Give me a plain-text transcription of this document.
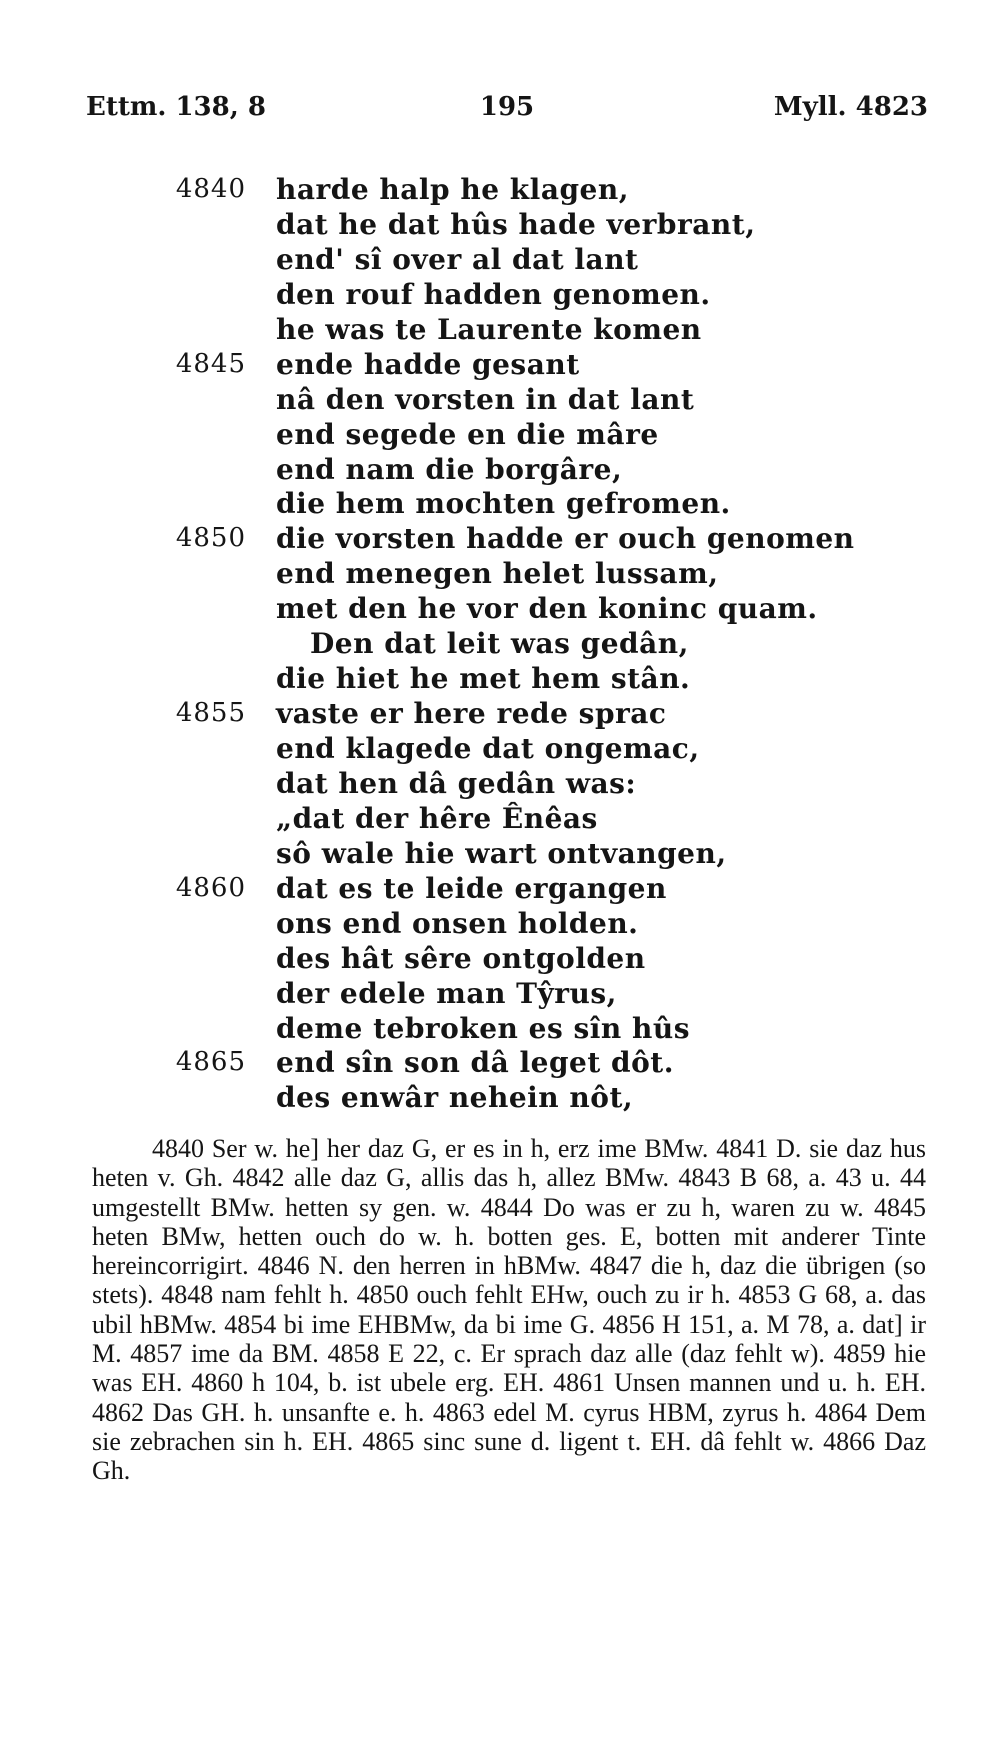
Ettm. 138, 8	195	Myll. 4823
4840 harde halp he klagen,
dat he dat hûs hade verbrant,
end' sî over al dat lant
den rouf hadden genomen.
he was te Laurente komen
4845 ende hadde gesant
nâ den vorsten in dat lant
end segede en die mâre
end nam die borgâre,
die hem mochten gefromen.
4850 die vorsten hadde er ouch genomen
end menegen helet lussam,
met den he vor den koninc quam.
Den dat leit was gedân,
die hiet he met hem stân.
4855 vaste er here rede sprac
end klagede dat ongemac,
dat hen dâ gedân was:
„dat der hêre Ênêas
sô wale hie wart ontvangen,
4860 dat es te leide ergangen
ons end onsen holden.
des hât sêre ontgolden
der edele man Tŷrus,
deme tebroken es sîn hûs
4865 end sîn son dâ leget dôt.
des enwâr nehein nôt,

4840 Ser w. he] her daz G, er es in h, erz ime BMw. 4841 D. sie daz hus heten v. Gh. 4842 alle daz G, allis das h, allez BMw. 4843 B 68, a. 43 u. 44 umgestellt BMw. hetten sy gen. w. 4844 Do was er zu h, waren zu w. 4845 heten BMw, hetten ouch do w. h. botten ges. E, botten mit anderer Tinte hereincorrigirt. 4846 N. den herren in hBMw. 4847 die h, daz die übrigen (so stets). 4848 nam fehlt h. 4850 ouch fehlt EHw, ouch zu ir h. 4853 G 68, a. das ubil hBMw. 4854 bi ime EHBMw, da bi ime G. 4856 H 151, a. M 78, a. dat] ir M. 4857 ime da BM. 4858 E 22, c. Er sprach daz alle (daz fehlt w). 4859 hie was EH. 4860 h 104, b. ist ubele erg. EH. 4861 Unsen mannen und u. h. EH. 4862 Das GH. h. unsanfte e. h. 4863 edel M. cyrus HBM, zyrus h. 4864 Dem sie zebrachen sin h. EH. 4865 sinc sune d. ligent t. EH. dâ fehlt w. 4866 Daz Gh.
